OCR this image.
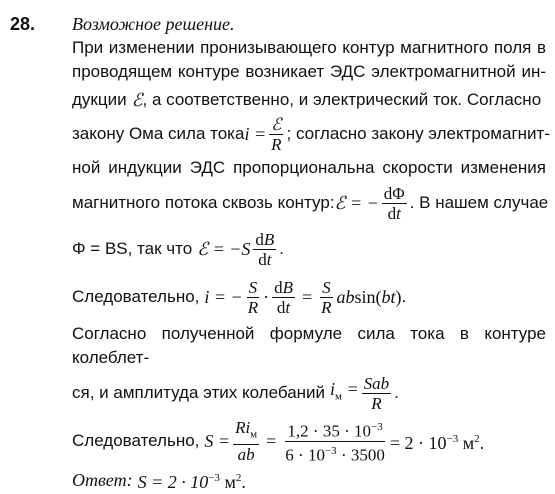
28. Возможное решение.
При изменении пронизывающего контур магнитного поля в
проводящем контуре возникает ЭДС электромагнитной ин-
дукции ℰ , а соответственно, и электрический ток. Согласно
закону Ома сила тока $i = \frac{\text{ℰ}}{R}$ ; согласно закону электромагнит-
ной индукции ЭДС пропорциональна скорости изменения
магнитного потока сквозь контур: ℰ = − $\frac{d\Phi}{dt}$ . В нашем случае
Φ = BS, так что ℰ = $-S \frac{dB}{dt}$ .
Следовательно, i = − $\frac{S}{R} \cdot \frac{dB}{dt} = \frac{S}{R} absin(bt)$ .
Согласно полученной формуле сила тока в контуре колеблет-
ся, и амплитуда этих колебаний $i_м = \frac{\text{Sab}}{R}$ .
Следовательно, $S = \frac{Ri_м}{ab} = \frac{1,2 \cdot 35 \cdot 10^{-3}}{6 \cdot 10^{-3} \cdot 3500} = 2 \cdot 10^{-3}$ $м^2$.
Ответ: $S = 2 \cdot 10^{-3}$ $м^2$.
